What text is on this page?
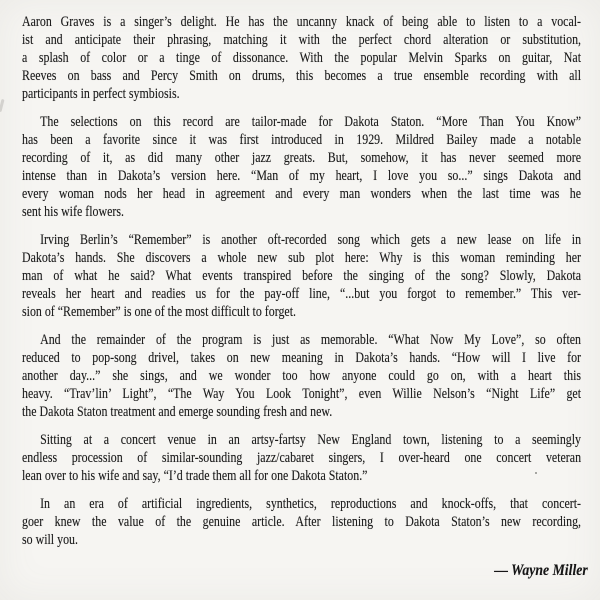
Aaron Graves is a singer’s delight. He has the uncanny knack of being able to listen to a vocal-
ist and anticipate their phrasing, matching it with the perfect chord alteration or substitution,
a splash of color or a tinge of dissonance. With the popular Melvin Sparks on guitar, Nat
Reeves on bass and Percy Smith on drums, this becomes a true ensemble recording with all
participants in perfect symbiosis.
The selections on this record are tailor-made for Dakota Staton. “More Than You Know”
has been a favorite since it was first introduced in 1929. Mildred Bailey made a notable
recording of it, as did many other jazz greats. But, somehow, it has never seemed more
intense than in Dakota’s version here. “Man of my heart, I love you so...” sings Dakota and
every woman nods her head in agreement and every man wonders when the last time was he
sent his wife flowers.
Irving Berlin’s “Remember” is another oft-recorded song which gets a new lease on life in
Dakota’s hands. She discovers a whole new sub plot here: Why is this woman reminding her
man of what he said? What events transpired before the singing of the song? Slowly, Dakota
reveals her heart and readies us for the pay-off line, “...but you forgot to remember.” This ver-
sion of “Remember” is one of the most difficult to forget.
And the remainder of the program is just as memorable. “What Now My Love”, so often
reduced to pop-song drivel, takes on new meaning in Dakota’s hands. “How will I live for
another day...” she sings, and we wonder too how anyone could go on, with a heart this
heavy. “Trav’lin’ Light”, “The Way You Look Tonight”, even Willie Nelson’s “Night Life” get
the Dakota Staton treatment and emerge sounding fresh and new.
Sitting at a concert venue in an artsy-fartsy New England town, listening to a seemingly
endless procession of similar-sounding jazz/cabaret singers, I over-heard one concert veteran
lean over to his wife and say, “I’d trade them all for one Dakota Staton.”
In an era of artificial ingredients, synthetics, reproductions and knock-offs, that concert-
goer knew the value of the genuine article. After listening to Dakota Staton’s new recording,
so will you.
— Wayne Miller
